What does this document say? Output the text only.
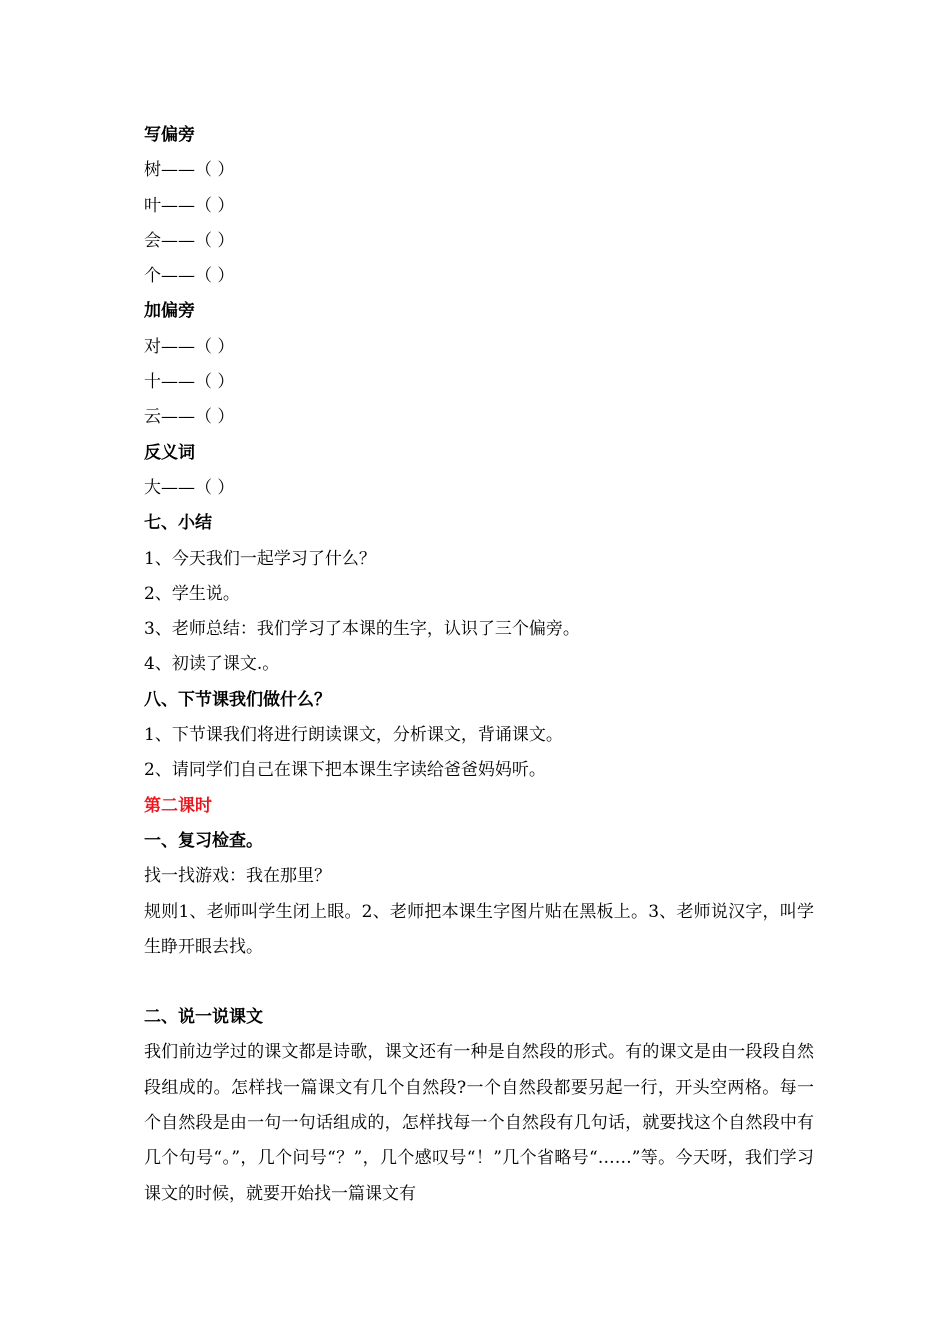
写偏旁
树——（ ）
叶——（ ）
会——（ ）
个——（ ）
加偏旁
对——（ ）
十——（ ）
云——（ ）
反义词
大——（ ）
七、小结
1、今天我们一起学习了什么？
2、学生说。
3、老师总结：我们学习了本课的生字，认识了三个偏旁。
4、初读了课文.。
八、下节课我们做什么？
1、下节课我们将进行朗读课文，分析课文，背诵课文。
2、请同学们自己在课下把本课生字读给爸爸妈妈听。
第二课时
一、复习检查。
找一找游戏：我在那里？
规则1、老师叫学生闭上眼。2、老师把本课生字图片贴在黑板上。3、老师说汉字，叫学生睁开眼去找。
二、说一说课文
我们前边学过的课文都是诗歌，课文还有一种是自然段的形式。有的课文是由一段段自然段组成的。怎样找一篇课文有几个自然段?一个自然段都要另起一行，开头空两格。每一个自然段是由一句一句话组成的，怎样找每一个自然段有几句话，就要找这个自然段中有几个句号“。”，几个问号“？”，几个感叹号“！”几个省略号“……”等。今天呀，我们学习课文的时候，就要开始找一篇课文有
